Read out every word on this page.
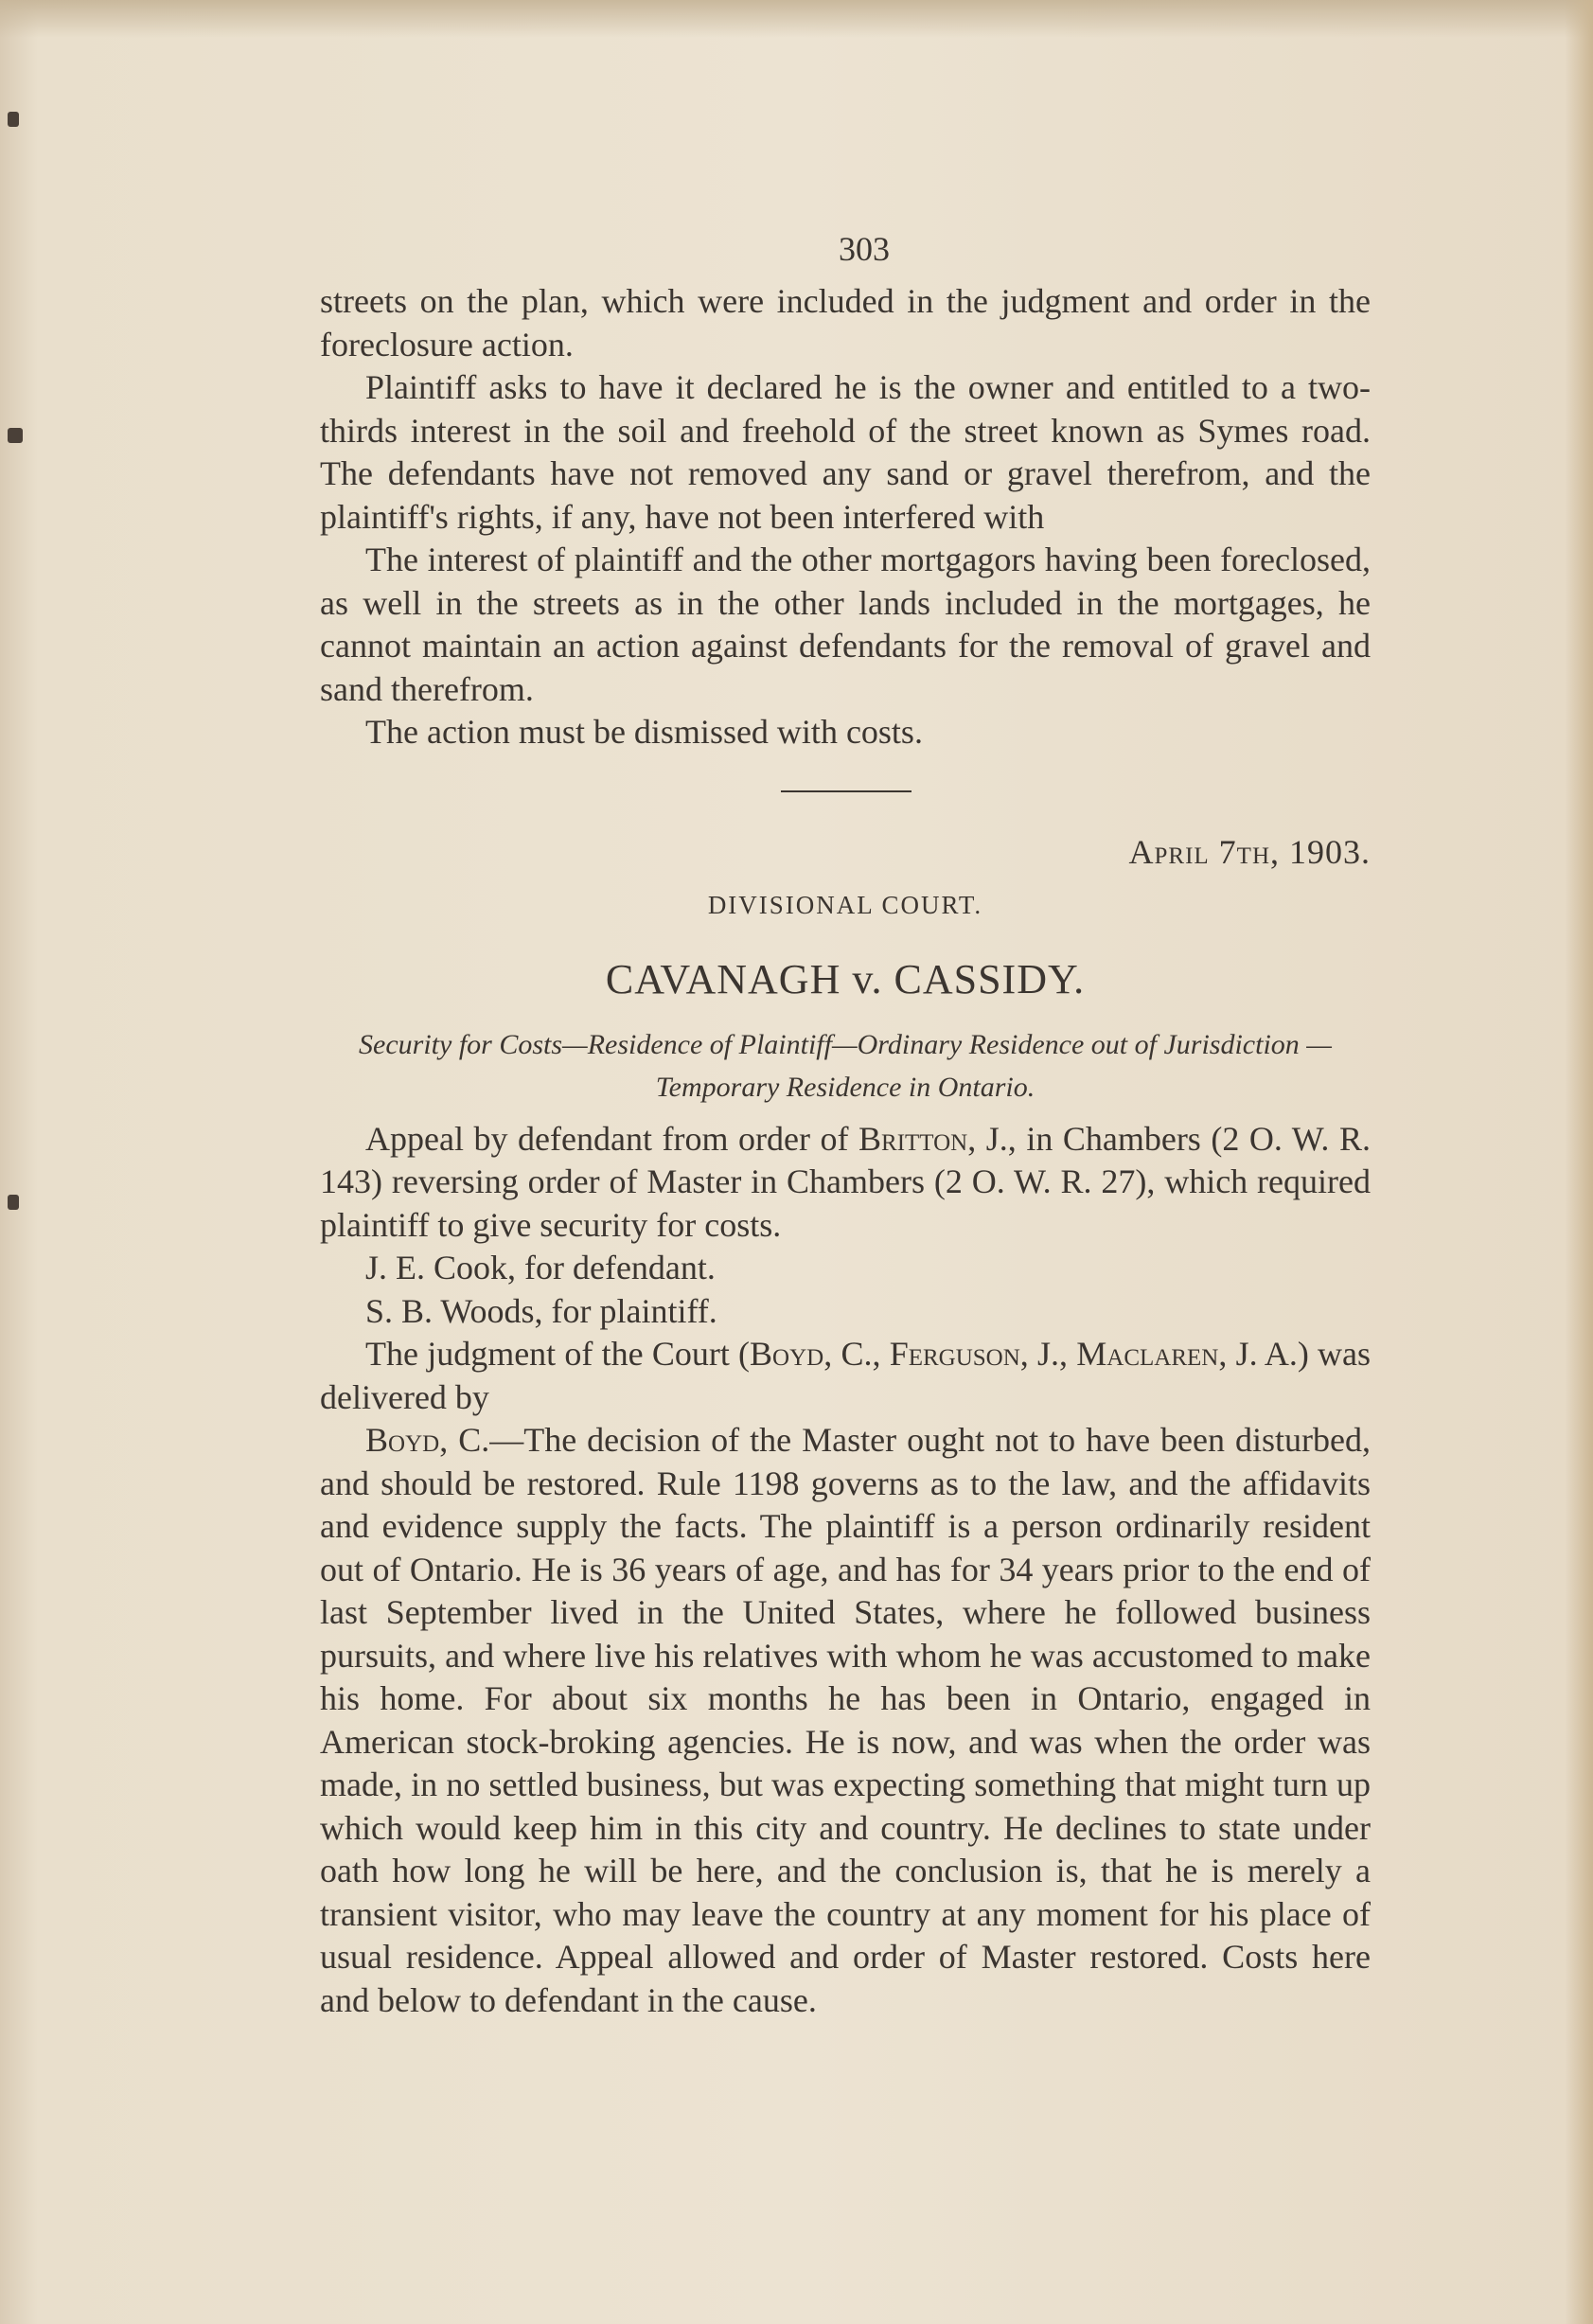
303

streets on the plan, which were included in the judgment and order in the foreclosure action.

Plaintiff asks to have it declared he is the owner and entitled to a two-thirds interest in the soil and freehold of the street known as Symes road. The defendants have not removed any sand or gravel therefrom, and the plaintiff's rights, if any, have not been interfered with

The interest of plaintiff and the other mortgagors having been foreclosed, as well in the streets as in the other lands included in the mortgages, he cannot maintain an action against defendants for the removal of gravel and sand therefrom.

The action must be dismissed with costs.

April 7th, 1903.
DIVISIONAL COURT.
CAVANAGH v. CASSIDY.
Security for Costs—Residence of Plaintiff—Ordinary Residence out of Jurisdiction —Temporary Residence in Ontario.

Appeal by defendant from order of Britton, J., in Chambers (2 O. W. R. 143) reversing order of Master in Chambers (2 O. W. R. 27), which required plaintiff to give security for costs.

J. E. Cook, for defendant.

S. B. Woods, for plaintiff.

The judgment of the Court (Boyd, C., Ferguson, J., Maclaren, J. A.) was delivered by

Boyd, C.—The decision of the Master ought not to have been disturbed, and should be restored. Rule 1198 governs as to the law, and the affidavits and evidence supply the facts. The plaintiff is a person ordinarily resident out of Ontario. He is 36 years of age, and has for 34 years prior to the end of last September lived in the United States, where he followed business pursuits, and where live his relatives with whom he was accustomed to make his home. For about six months he has been in Ontario, engaged in American stock-broking agencies. He is now, and was when the order was made, in no settled business, but was expecting something that might turn up which would keep him in this city and country. He declines to state under oath how long he will be here, and the conclusion is, that he is merely a transient visitor, who may leave the country at any moment for his place of usual residence. Appeal allowed and order of Master restored. Costs here and below to defendant in the cause.
